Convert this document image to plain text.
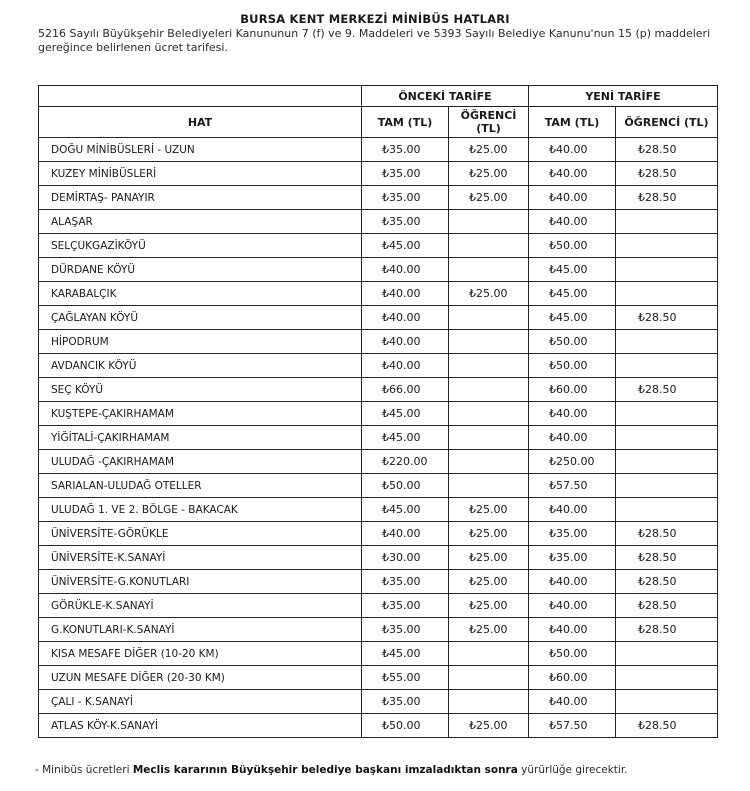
BURSA KENT MERKEZİ MİNİBÜS HATLARI
5216 Sayılı Büyükşehir Belediyeleri Kanununun 7 (f) ve 9. Maddeleri ve 5393 Sayılı Belediye Kanunu'nun 15 (p) maddeleri gereğince belirlenen ücret tarifesi.
	ÖNCEKİ TARİFE		YENİ TARİFE	
HAT	TAM (TL)	ÖĞRENCİ (TL)	TAM (TL)	ÖĞRENCİ (TL)
DOĞU MİNİBÜSLERİ - UZUN	₺35.00	₺25.00	₺40.00	₺28.50
KUZEY MİNİBÜSLERİ	₺35.00	₺25.00	₺40.00	₺28.50
DEMİRTAŞ- PANAYIR	₺35.00	₺25.00	₺40.00	₺28.50
ALAŞAR	₺35.00		₺40.00	
SELÇUKGAZİKÖYÜ	₺45.00		₺50.00	
DÜRDANE KÖYÜ	₺40.00		₺45.00	
KARABALÇIK	₺40.00	₺25.00	₺45.00	
ÇAĞLAYAN KÖYÜ	₺40.00		₺45.00	₺28.50
HİPODRUM	₺40.00		₺50.00	
AVDANCIK KÖYÜ	₺40.00		₺50.00	
SEÇ KÖYÜ	₺66.00		₺60.00	₺28.50
KUŞTEPE-ÇAKIRHAMAM	₺45.00		₺40.00	
YİĞİTALİ-ÇAKIRHAMAM	₺45.00		₺40.00	
ULUDAĞ -ÇAKIRHAMAM	₺220.00		₺250.00	
SARIALAN-ULUDAĞ OTELLER	₺50.00		₺57.50	
ULUDAĞ 1. VE 2. BÖLGE - BAKACAK	₺45.00	₺25.00	₺40.00	
ÜNİVERSİTE-GÖRÜKLE	₺40.00	₺25.00	₺35.00	₺28.50
ÜNİVERSİTE-K.SANAYİ	₺30.00	₺25.00	₺35.00	₺28.50
ÜNİVERSİTE-G.KONUTLARI	₺35.00	₺25.00	₺40.00	₺28.50
GÖRÜKLE-K.SANAYİ	₺35.00	₺25.00	₺40.00	₺28.50
G.KONUTLARI-K.SANAYİ	₺35.00	₺25.00	₺40.00	₺28.50
KISA MESAFE DİĞER (10-20 KM)	₺45.00		₺50.00	
UZUN MESAFE DİĞER (20-30 KM)	₺55.00		₺60.00	
ÇALI - K.SANAYİ	₺35.00		₺40.00	
ATLAS KÖY-K.SANAYİ	₺50.00	₺25.00	₺57.50	₺28.50
- Minibüs ücretleri Meclis kararının Büyükşehir belediye başkanı imzaladıktan sonra yürürlüğe girecektir.
